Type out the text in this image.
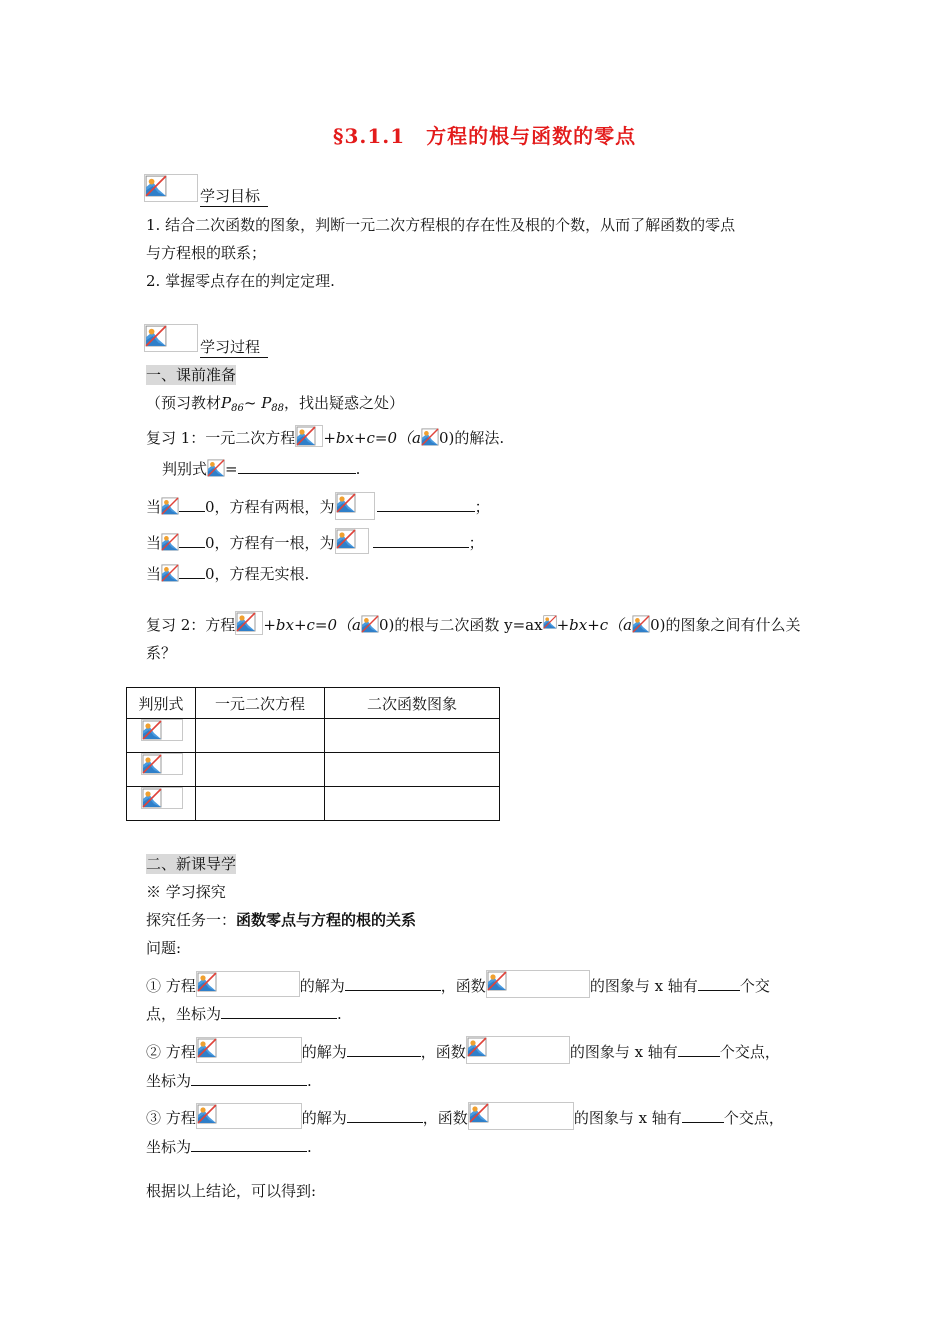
§3.1.1　方程的根与函数的零点
学习目标
1. 结合二次函数的图象，判断一元二次方程根的存在性及根的个数，从而了解函数的零点
与方程根的联系；
2. 掌握零点存在的判定定理.
学习过程
一、课前准备
（预习教材$P_{86}\sim$ $P_{88}$，找出疑惑之处）
复习 1：一元二次方程 +bx+c=0（a 0)的解法.
判别式 =	.
当	0，方程有两根，为	；
当	0，方程有一根，为	；
当	0，方程无实根.
复习 2：方程 +bx+c=0（a 0)的根与二次函数 y=ax +bx+c（a 0)的图象之间有什么关
系？
判别式	一元二次方程	二次函数图象

二、新课导学
※ 学习探究
探究任务一：函数零点与方程的根的关系
问题:
① 方程	的解为	，函数	的图象与 x 轴有	个交
点，坐标为	.
② 方程	的解为	，函数	的图象与 x 轴有	个交点，
坐标为	.
③ 方程	的解为	，函数	的图象与 x 轴有	个交点，
坐标为	.
根据以上结论，可以得到:
